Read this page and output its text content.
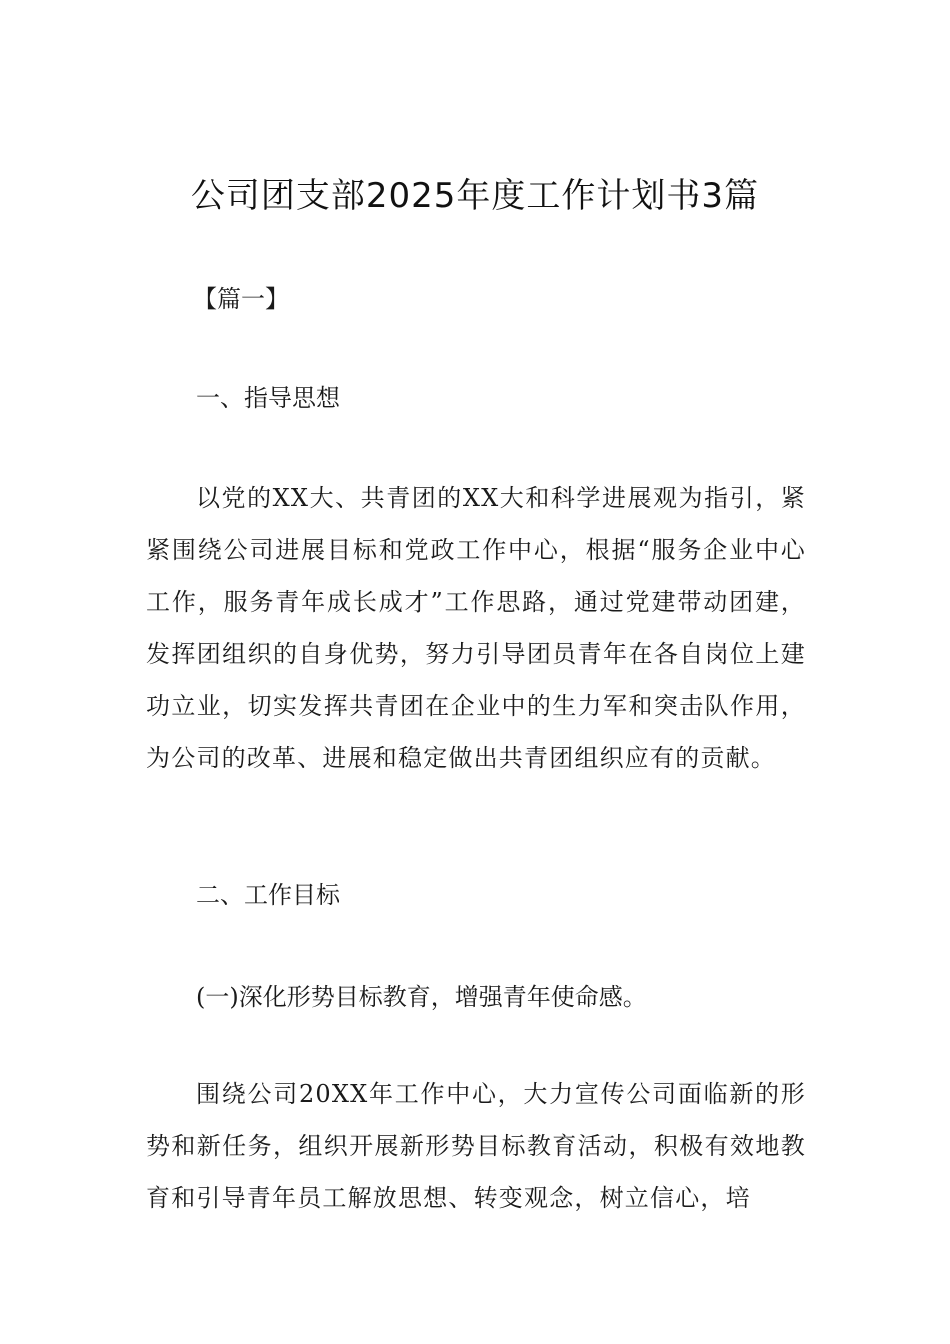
公司团支部2025年度工作计划书3篇
【篇一】
一、指导思想
以党的XX大、共青团的XX大和科学进展观为指引，紧紧围绕公司进展目标和党政工作中心，根据“服务企业中心工作，服务青年成长成才”工作思路，通过党建带动团建，发挥团组织的自身优势，努力引导团员青年在各自岗位上建功立业，切实发挥共青团在企业中的生力军和突击队作用，为公司的改革、进展和稳定做出共青团组织应有的贡献。
二、工作目标
(一)深化形势目标教育，增强青年使命感。
围绕公司20XX年工作中心，大力宣传公司面临新的形势和新任务，组织开展新形势目标教育活动，积极有效地教育和引导青年员工解放思想、转变观念，树立信心，培
